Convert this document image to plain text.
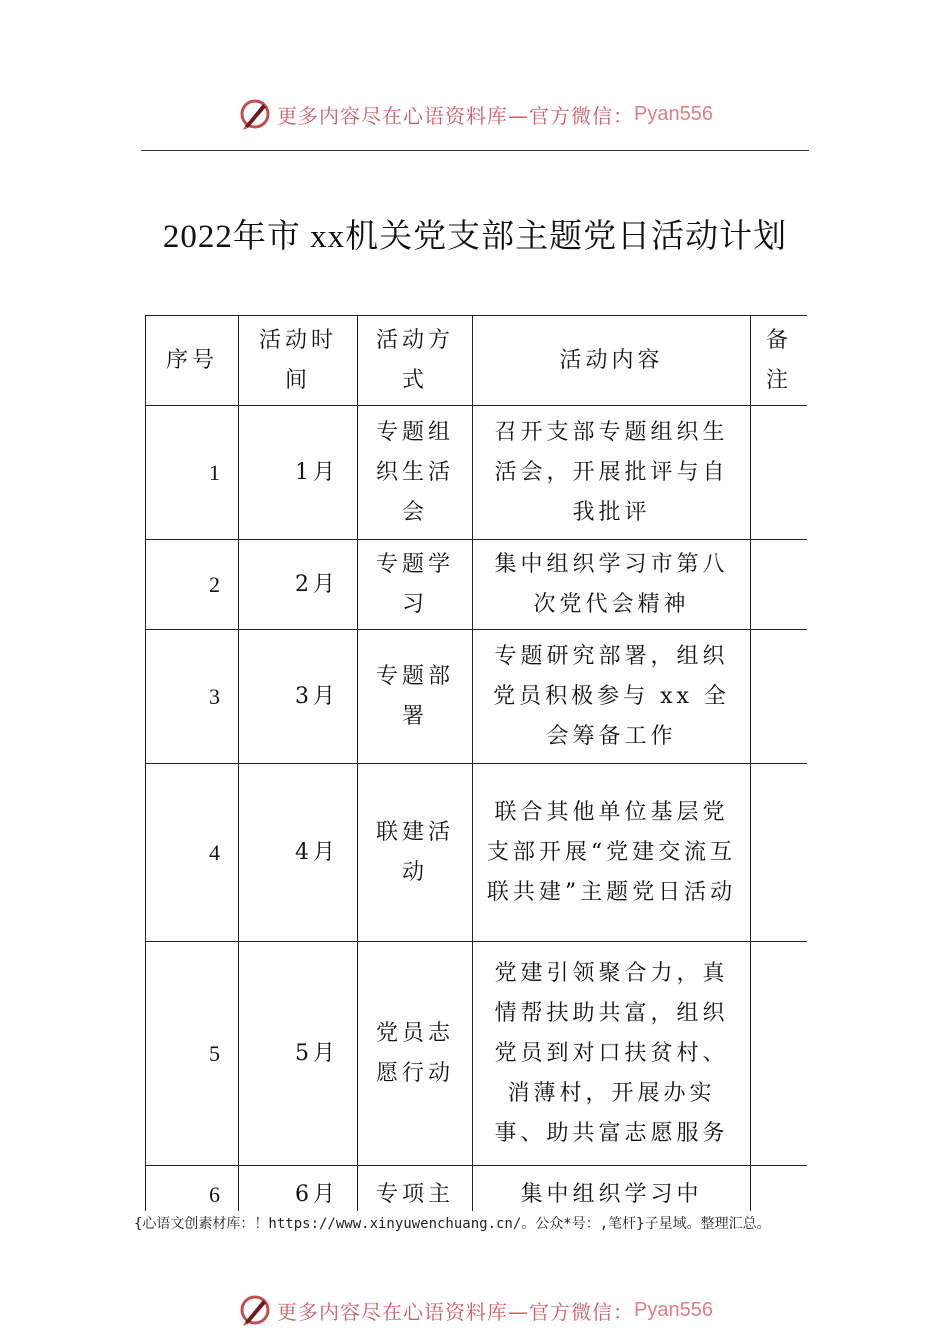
更多内容尽在心语资料库—官方微信： Pyan556
2022年市 xx机关党支部主题党日活动计划
序号	活动时间	活动方式	活动内容	备注
1	1月	专题组织生活会	召开支部专题组织生活会，开展批评与自我批评	
2	2月	专题学习	集中组织学习市第八次党代会精神	
3	3月	专题部署	专题研究部署，组织党员积极参与 xx 全会筹备工作	
4	4月	联建活动	联合其他单位基层党支部开展“党建交流互联共建”主题党日活动	
5	5月	党员志愿行动	党建引领聚合力，真情帮扶助共富，组织党员到对口扶贫村、消薄村，开展办实事、助共富志愿服务	
6	6月	专项主	集中组织学习中	
{心语文创素材库：！https://www.xinyuwenchuang.cn/。公众*号：,笔杆}子星域。整理汇总。
更多内容尽在心语资料库—官方微信： Pyan556
